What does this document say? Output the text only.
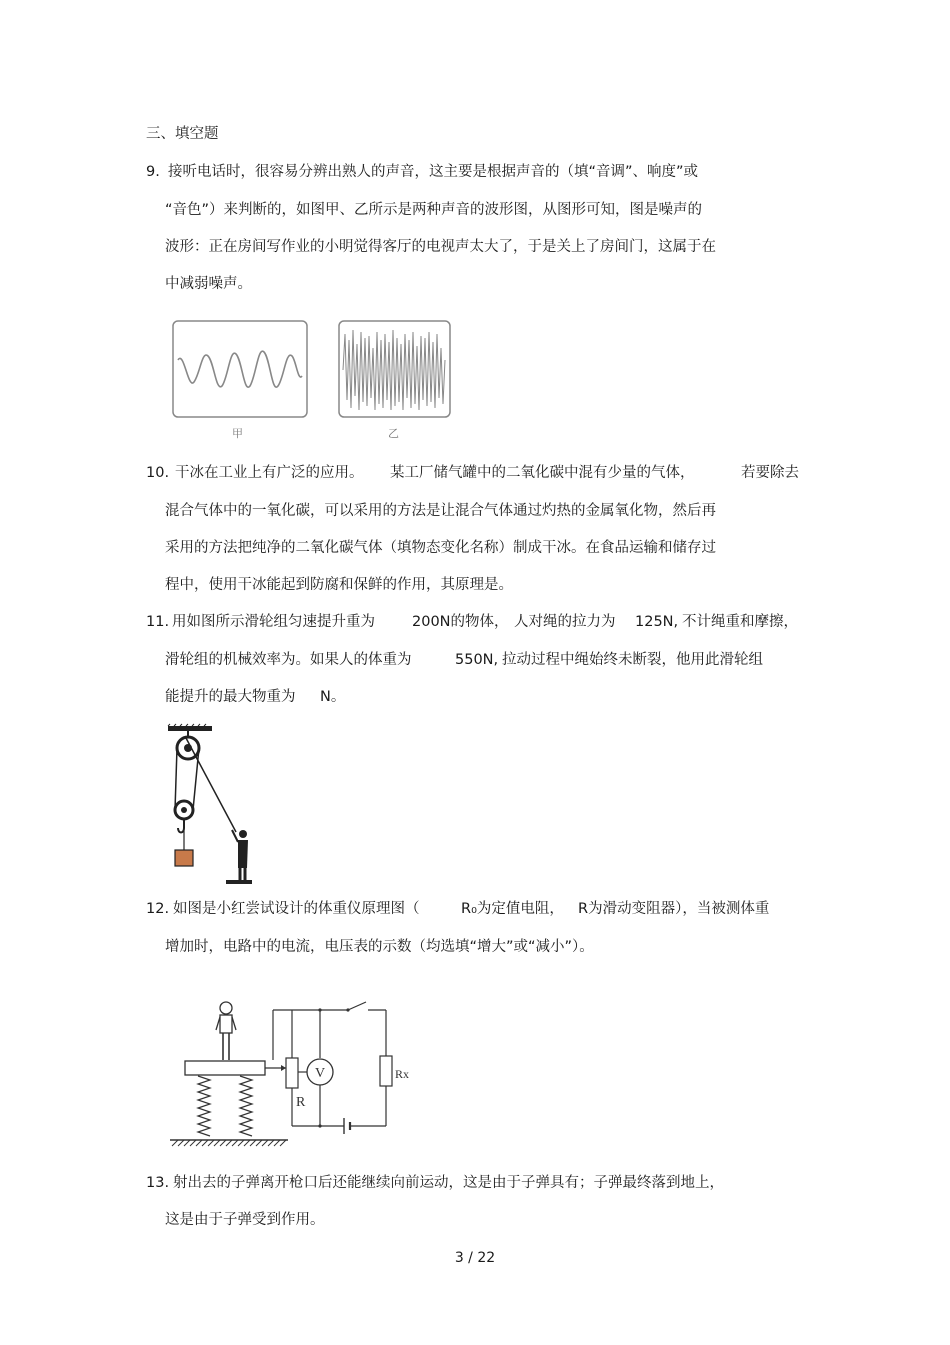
三、填空题
9. 接听电话时，很容易分辨出熟人的声音，这主要是根据声音的（填“音调”、响度”或
“音色”）来判断的，如图甲、乙所示是两种声音的波形图，从图形可知，图是噪声的
波形：正在房间写作业的小明觉得客厅的电视声太大了，于是关上了房间门，这属于在
中减弱噪声。
甲	乙
10. 干冰在工业上有广泛的应用。 某工厂储气罐中的二氧化碳中混有少量的气体，	若要除去
混合气体中的一氧化碳，可以采用的方法是让混合气体通过灼热的金属氧化物，然后再
采用的方法把纯净的二氧化碳气体（填物态变化名称）制成干冰。在食品运输和储存过
程中，使用干冰能起到防腐和保鲜的作用，其原理是。
11. 用如图所示滑轮组匀速提升重为	200N的物体， 人对绳的拉力为 125N, 不计绳重和摩擦，
滑轮组的机械效率为。如果人的体重为	550N, 拉动过程中绳始终未断裂，他用此滑轮组
能提升的最大物重为 N。
12. 如图是小红尝试设计的体重仪原理图（	R₀为定值电阻， R为滑动变阻器），当被测体重
增加时，电路中的电流，电压表的示数（均选填“增大”或“减小”）。
V
R
Rx
13. 射出去的子弹离开枪口后还能继续向前运动，这是由于子弹具有；子弹最终落到地上，
这是由于子弹受到作用。
3 / 22
